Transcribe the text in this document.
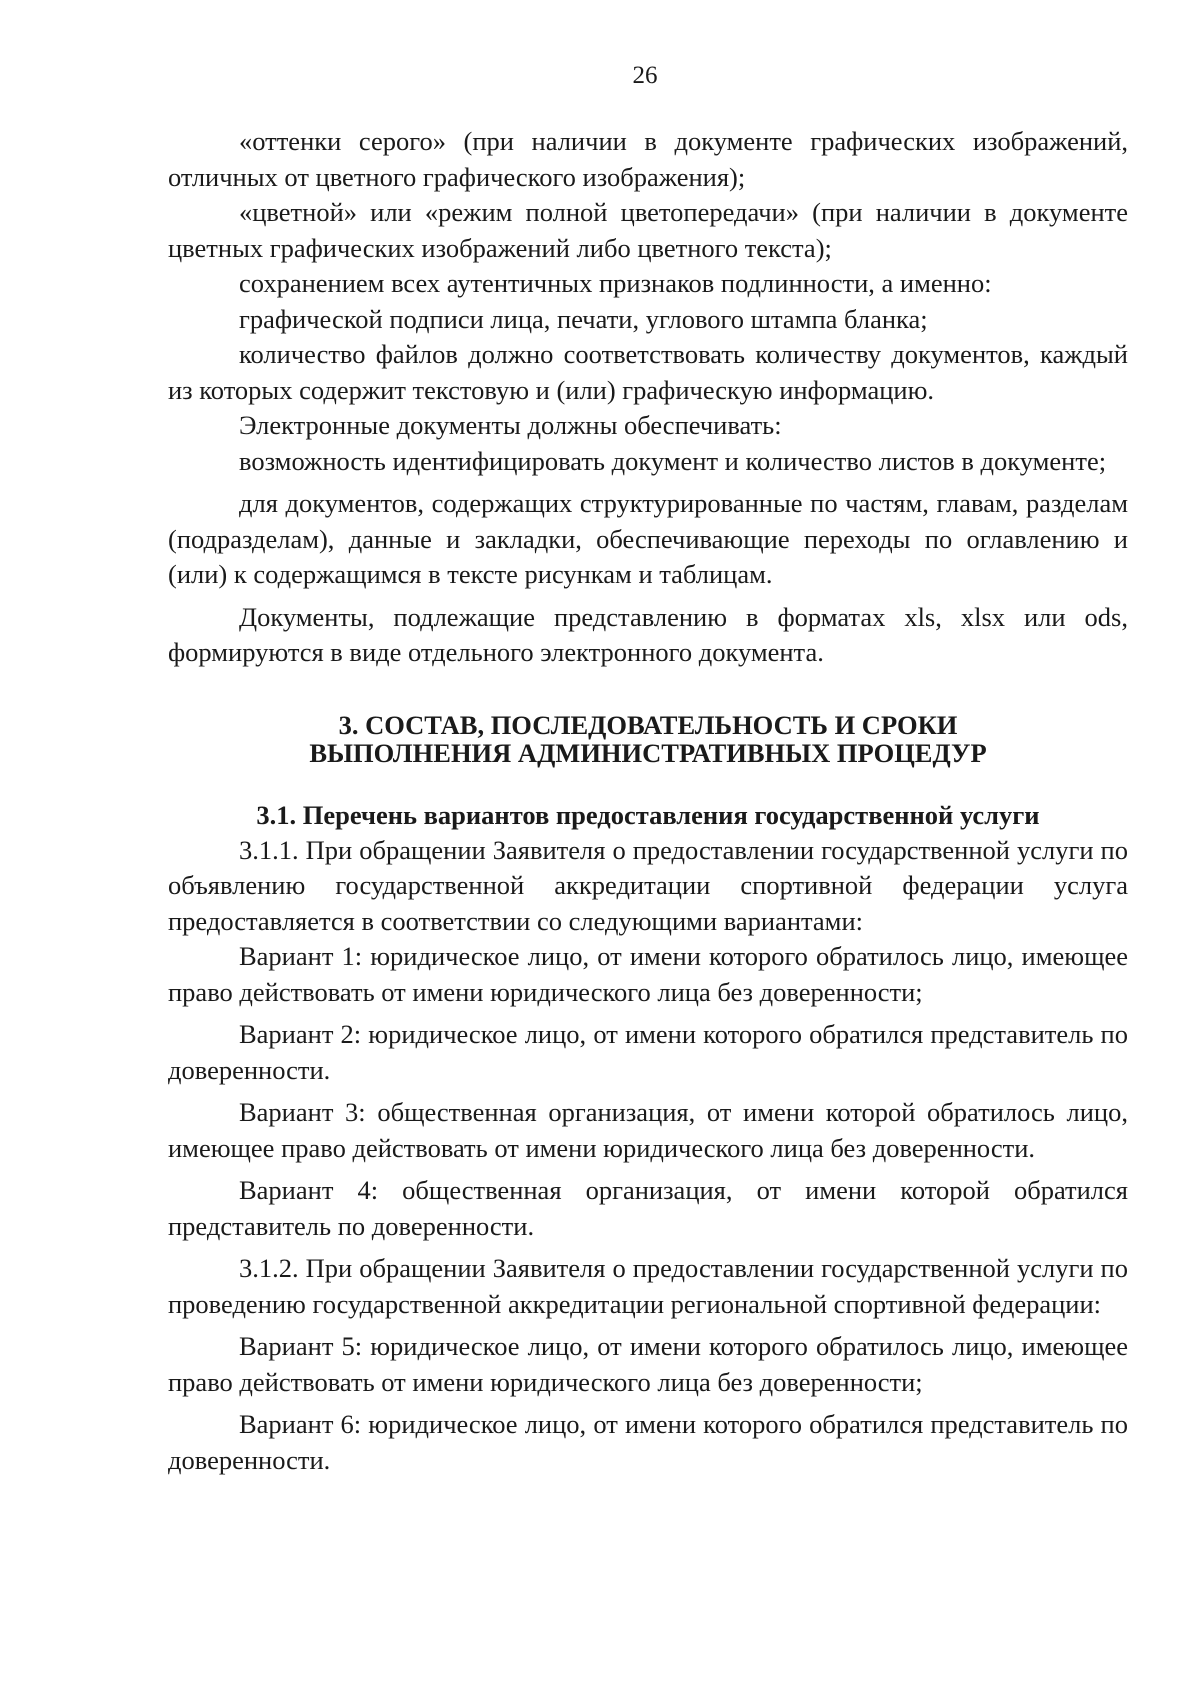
26

«оттенки серого» (при наличии в документе графических изображений, отличных от цветного графического изображения);

«цветной» или «режим полной цветопередачи» (при наличии в документе цветных графических изображений либо цветного текста);

сохранением всех аутентичных признаков подлинности, а именно:

графической подписи лица, печати, углового штампа бланка;

количество файлов должно соответствовать количеству документов, каждый из которых содержит текстовую и (или) графическую информацию.

Электронные документы должны обеспечивать:

возможность идентифицировать документ и количество листов в документе;

для документов, содержащих структурированные по частям, главам, разделам (подразделам), данные и закладки, обеспечивающие переходы по оглавлению и (или) к содержащимся в тексте рисункам и таблицам.

Документы, подлежащие представлению в форматах xls, xlsx или ods, формируются в виде отдельного электронного документа.

3. СОСТАВ, ПОСЛЕДОВАТЕЛЬНОСТЬ И СРОКИ
ВЫПОЛНЕНИЯ АДМИНИСТРАТИВНЫХ ПРОЦЕДУР
3.1. Перечень вариантов предоставления государственной услуги

3.1.1. При обращении Заявителя о предоставлении государственной услуги по объявлению государственной аккредитации спортивной федерации услуга предоставляется в соответствии со следующими вариантами:

Вариант 1: юридическое лицо, от имени которого обратилось лицо, имеющее право действовать от имени юридического лица без доверенности;

Вариант 2: юридическое лицо, от имени которого обратился представитель по доверенности.

Вариант 3: общественная организация, от имени которой обратилось лицо, имеющее право действовать от имени юридического лица без доверенности.

Вариант 4: общественная организация, от имени которой обратился представитель по доверенности.

3.1.2. При обращении Заявителя о предоставлении государственной услуги по проведению государственной аккредитации региональной спортивной федерации:

Вариант 5: юридическое лицо, от имени которого обратилось лицо, имеющее право действовать от имени юридического лица без доверенности;

Вариант 6: юридическое лицо, от имени которого обратился представитель по доверенности.
